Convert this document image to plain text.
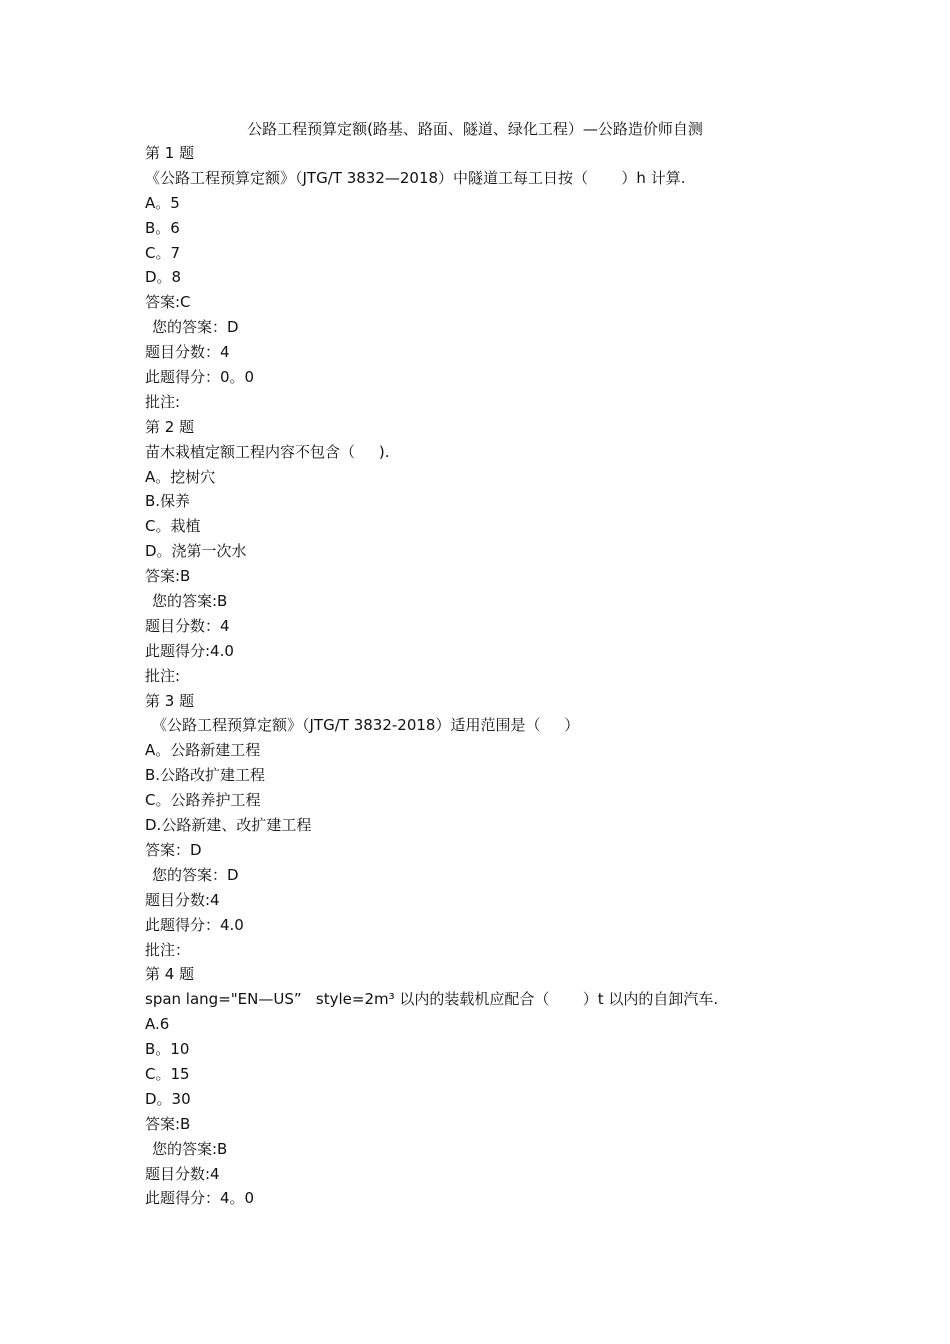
公路工程预算定额(路基、路面、隧道、绿化工程）—公路造价师自测
第 1 题
《公路工程预算定额》（JTG/T 3832—2018）中隧道工每工日按（       ）h 计算.
A。5
B。6
C。7
D。8
答案:C
您的答案：D
题目分数：4
此题得分：0。0
批注:
第 2 题
苗木栽植定额工程内容不包含（     ).
A。挖树穴
B.保养
C。栽植
D。浇第一次水
答案:B
您的答案:B
题目分数：4
此题得分:4.0
批注:
第 3 题
《公路工程预算定额》（JTG/T 3832-2018）适用范围是（     ）
A。公路新建工程
B.公路改扩建工程
C。公路养护工程
D.公路新建、改扩建工程
答案：D
您的答案：D
题目分数:4
此题得分：4.0
批注：
第 4 题
span lang="EN—US”   style=2m³ 以内的装载机应配合（       ）t 以内的自卸汽车.
A.6
B。10
C。15
D。30
答案:B
您的答案:B
题目分数:4
此题得分：4。0
